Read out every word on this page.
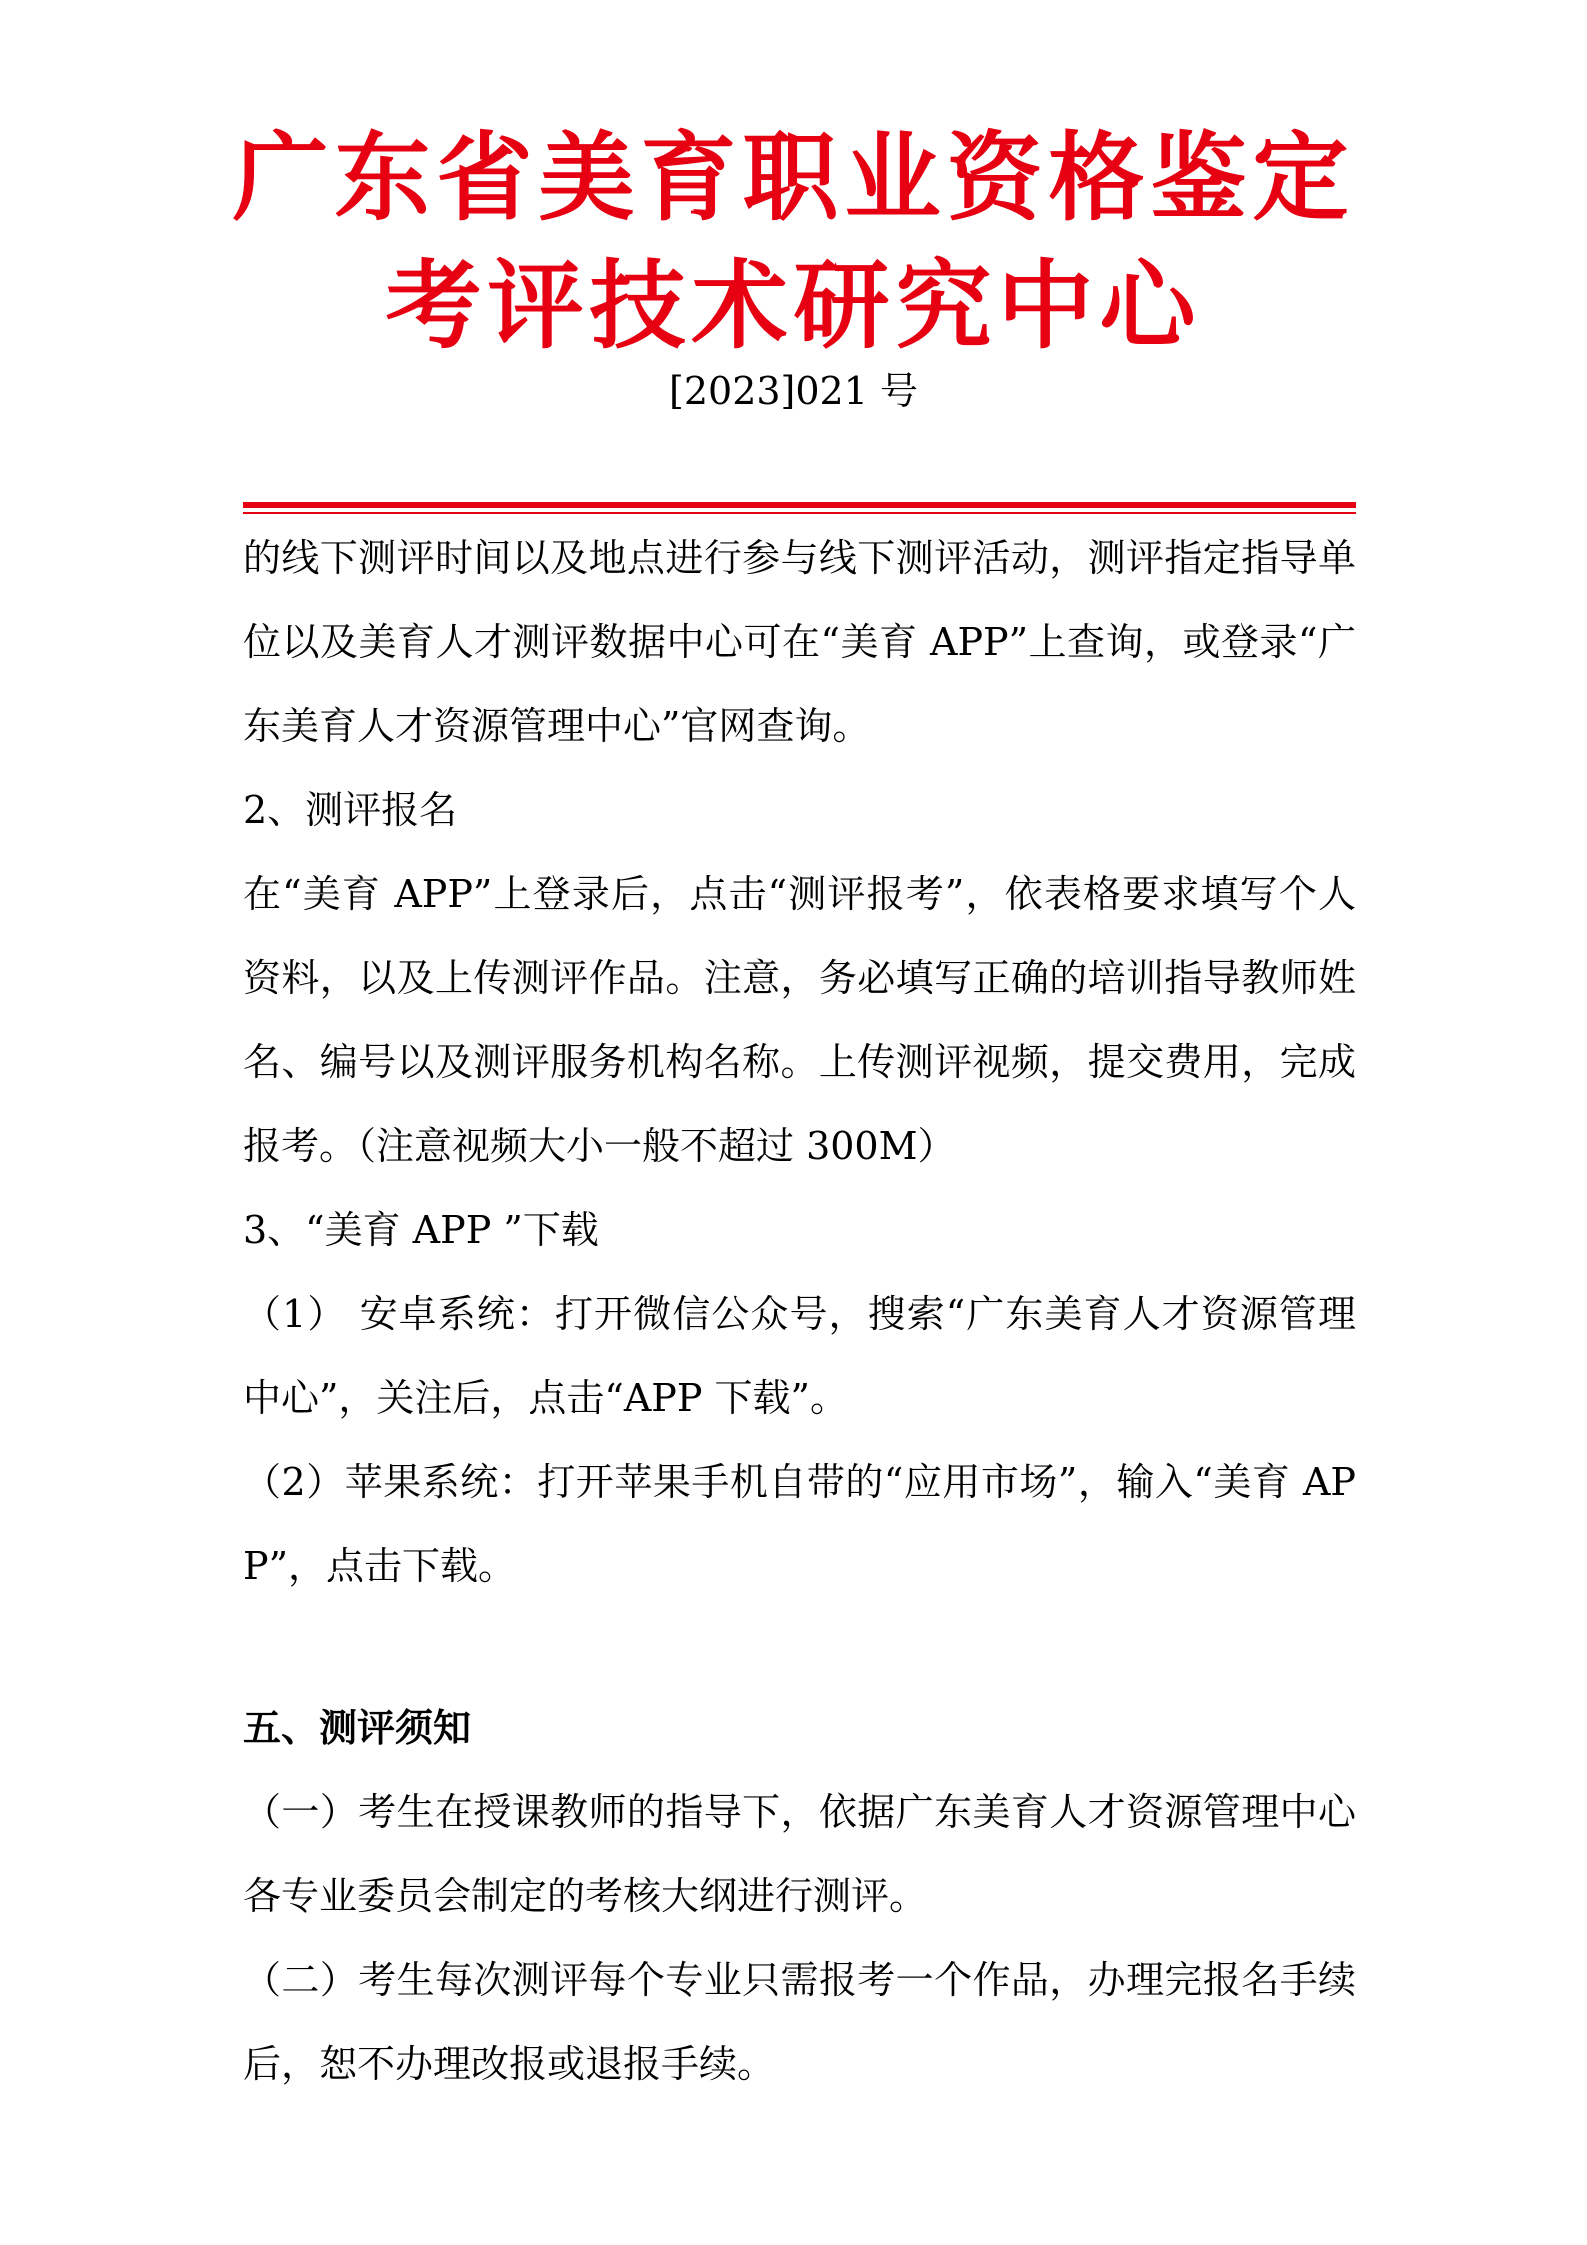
广东省美育职业资格鉴定
考评技术研究中心
[2023]021 号

的线下测评时间以及地点进行参与线下测评活动，测评指定指导单位以及美育人才测评数据中心可在“美育 APP”上查询，或登录“广东美育人才资源管理中心”官网查询。

2、测评报名

在“美育 APP”上登录后，点击“测评报考”，依表格要求填写个人资料，以及上传测评作品。注意，务必填写正确的培训指导教师姓名、编号以及测评服务机构名称。上传测评视频，提交费用，完成报考。（注意视频大小一般不超过 300M）

3、“美育 APP ”下载

（1） 安卓系统：打开微信公众号，搜索“广东美育人才资源管理中心”，关注后，点击“APP 下载”。

（2）苹果系统：打开苹果手机自带的“应用市场”，输入“美育 APP”，点击下载。

五、测评须知

（一）考生在授课教师的指导下，依据广东美育人才资源管理中心各专业委员会制定的考核大纲进行测评。

（二）考生每次测评每个专业只需报考一个作品，办理完报名手续后，恕不办理改报或退报手续。
